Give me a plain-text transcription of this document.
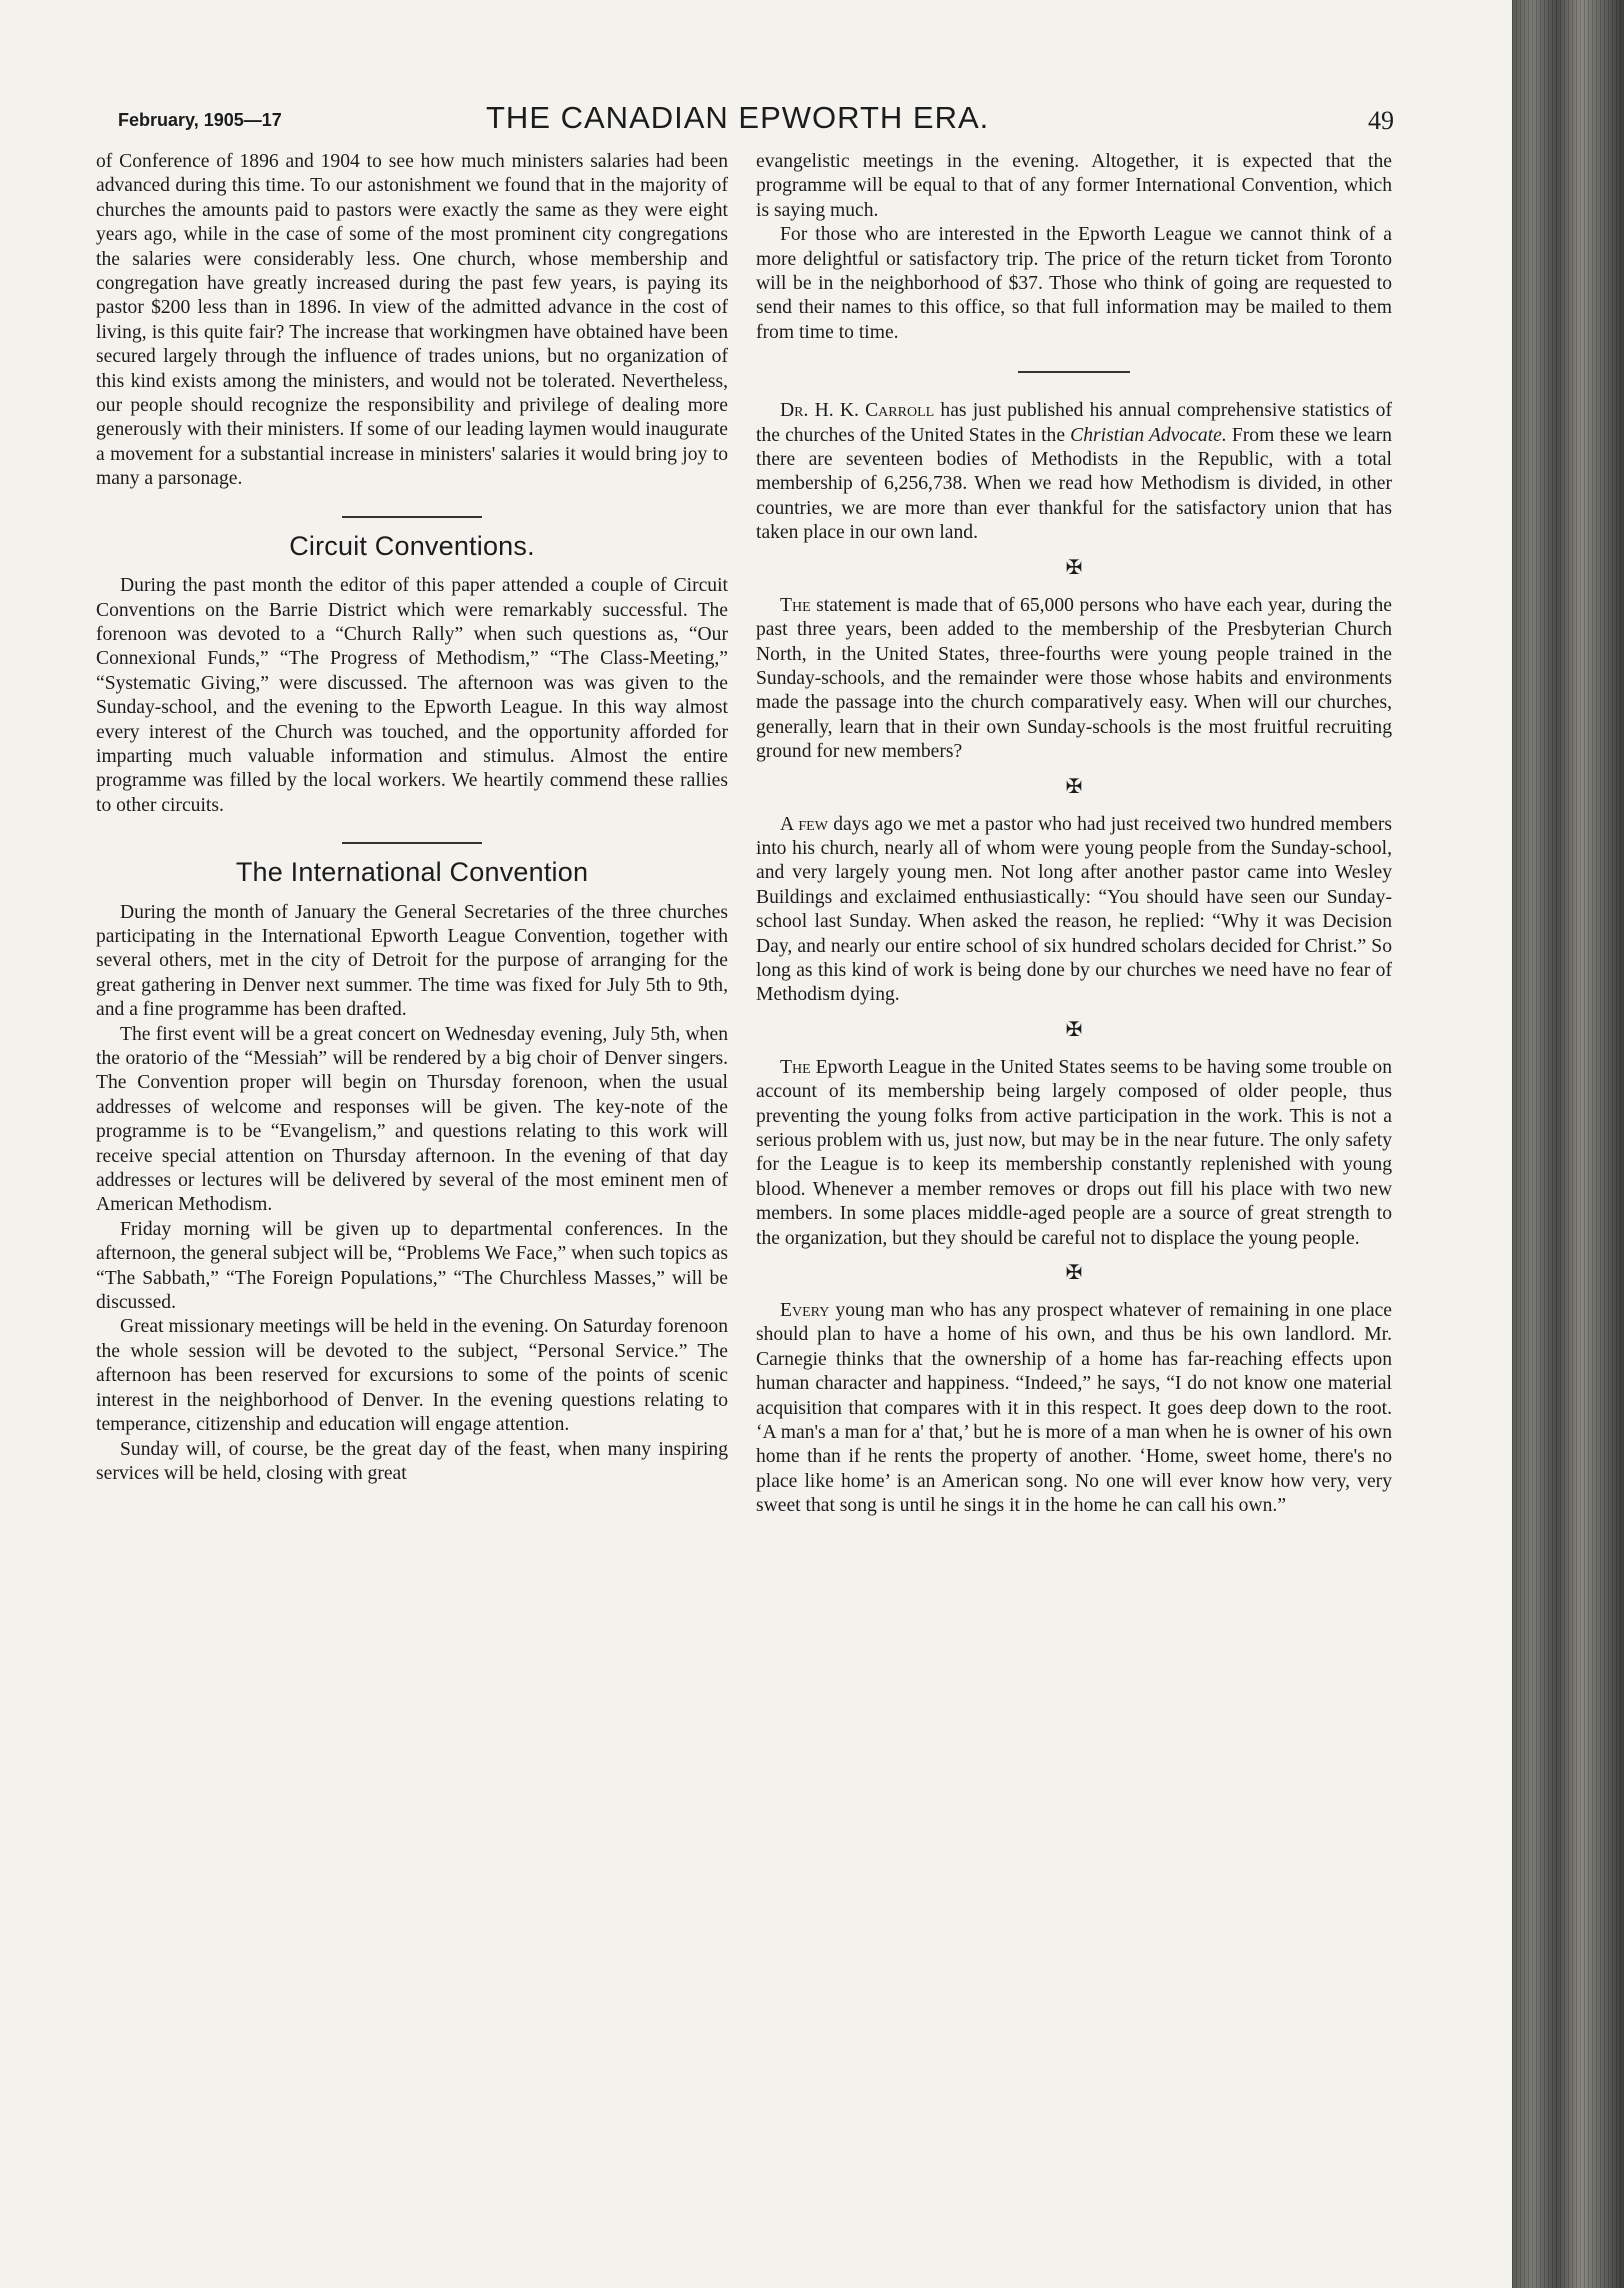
February, 1905—17	THE CANADIAN EPWORTH ERA.	49

of Conference of 1896 and 1904 to see how much ministers salaries had been advanced during this time. To our astonishment we found that in the majority of churches the amounts paid to pastors were exactly the same as they were eight years ago, while in the case of some of the most prominent city congregations the salaries were considerably less. One church, whose membership and congregation have greatly increased during the past few years, is paying its pastor $200 less than in 1896. In view of the admitted advance in the cost of living, is this quite fair? The increase that workingmen have obtained have been secured largely through the influence of trades unions, but no organization of this kind exists among the ministers, and would not be tolerated. Nevertheless, our people should recognize the responsibility and privilege of dealing more generously with their ministers. If some of our leading laymen would inaugurate a movement for a substantial increase in ministers' salaries it would bring joy to many a parsonage.

Circuit Conventions.

During the past month the editor of this paper attended a couple of Circuit Conventions on the Barrie District which were remarkably successful. The forenoon was devoted to a “Church Rally” when such questions as, “Our Connexional Funds,” “The Progress of Methodism,” “The Class-Meeting,” “Systematic Giving,” were discussed. The afternoon was was given to the Sunday-school, and the evening to the Epworth League. In this way almost every interest of the Church was touched, and the opportunity afforded for imparting much valuable information and stimulus. Almost the entire programme was filled by the local workers. We heartily commend these rallies to other circuits.

The International Convention

During the month of January the General Secretaries of the three churches participating in the International Epworth League Convention, together with several others, met in the city of Detroit for the purpose of arranging for the great gathering in Denver next summer. The time was fixed for July 5th to 9th, and a fine programme has been drafted.

The first event will be a great concert on Wednesday evening, July 5th, when the oratorio of the “Messiah” will be rendered by a big choir of Denver singers. The Convention proper will begin on Thursday forenoon, when the usual addresses of welcome and responses will be given. The key-note of the programme is to be “Evangelism,” and questions relating to this work will receive special attention on Thursday afternoon. In the evening of that day addresses or lectures will be delivered by several of the most eminent men of American Methodism.

Friday morning will be given up to departmental conferences. In the afternoon, the general subject will be, “Problems We Face,” when such topics as “The Sabbath,” “The Foreign Populations,” “The Churchless Masses,” will be discussed.

Great missionary meetings will be held in the evening. On Saturday forenoon the whole session will be devoted to the subject, “Personal Service.” The afternoon has been reserved for excursions to some of the points of scenic interest in the neighborhood of Denver. In the evening questions relating to temperance, citizenship and education will engage attention.

Sunday will, of course, be the great day of the feast, when many inspiring services will be held, closing with great

evangelistic meetings in the evening. Altogether, it is expected that the programme will be equal to that of any former International Convention, which is saying much.

For those who are interested in the Epworth League we cannot think of a more delightful or satisfactory trip. The price of the return ticket from Toronto will be in the neighborhood of $37. Those who think of going are requested to send their names to this office, so that full information may be mailed to them from time to time.

Dr. H. K. Carroll has just published his annual comprehensive statistics of the churches of the United States in the Christian Advocate. From these we learn there are seventeen bodies of Methodists in the Republic, with a total membership of 6,256,738. When we read how Methodism is divided, in other countries, we are more than ever thankful for the satisfactory union that has taken place in our own land.

✠

The statement is made that of 65,000 persons who have each year, during the past three years, been added to the membership of the Presbyterian Church North, in the United States, three-fourths were young people trained in the Sunday-schools, and the remainder were those whose habits and environments made the passage into the church comparatively easy. When will our churches, generally, learn that in their own Sunday-schools is the most fruitful recruiting ground for new members?

✠

A few days ago we met a pastor who had just received two hundred members into his church, nearly all of whom were young people from the Sunday-school, and very largely young men. Not long after another pastor came into Wesley Buildings and exclaimed enthusiastically: “You should have seen our Sunday-school last Sunday. When asked the reason, he replied: “Why it was Decision Day, and nearly our entire school of six hundred scholars decided for Christ.” So long as this kind of work is being done by our churches we need have no fear of Methodism dying.

✠

The Epworth League in the United States seems to be having some trouble on account of its membership being largely composed of older people, thus preventing the young folks from active participation in the work. This is not a serious problem with us, just now, but may be in the near future. The only safety for the League is to keep its membership constantly replenished with young blood. Whenever a member removes or drops out fill his place with two new members. In some places middle-aged people are a source of great strength to the organization, but they should be careful not to displace the young people.

✠

Every young man who has any prospect whatever of remaining in one place should plan to have a home of his own, and thus be his own landlord. Mr. Carnegie thinks that the ownership of a home has far-reaching effects upon human character and happiness. “Indeed,” he says, “I do not know one material acquisition that compares with it in this respect. It goes deep down to the root. ‘A man's a man for a' that,’ but he is more of a man when he is owner of his own home than if he rents the property of another. ‘Home, sweet home, there's no place like home’ is an American song. No one will ever know how very, very sweet that song is until he sings it in the home he can call his own.”
